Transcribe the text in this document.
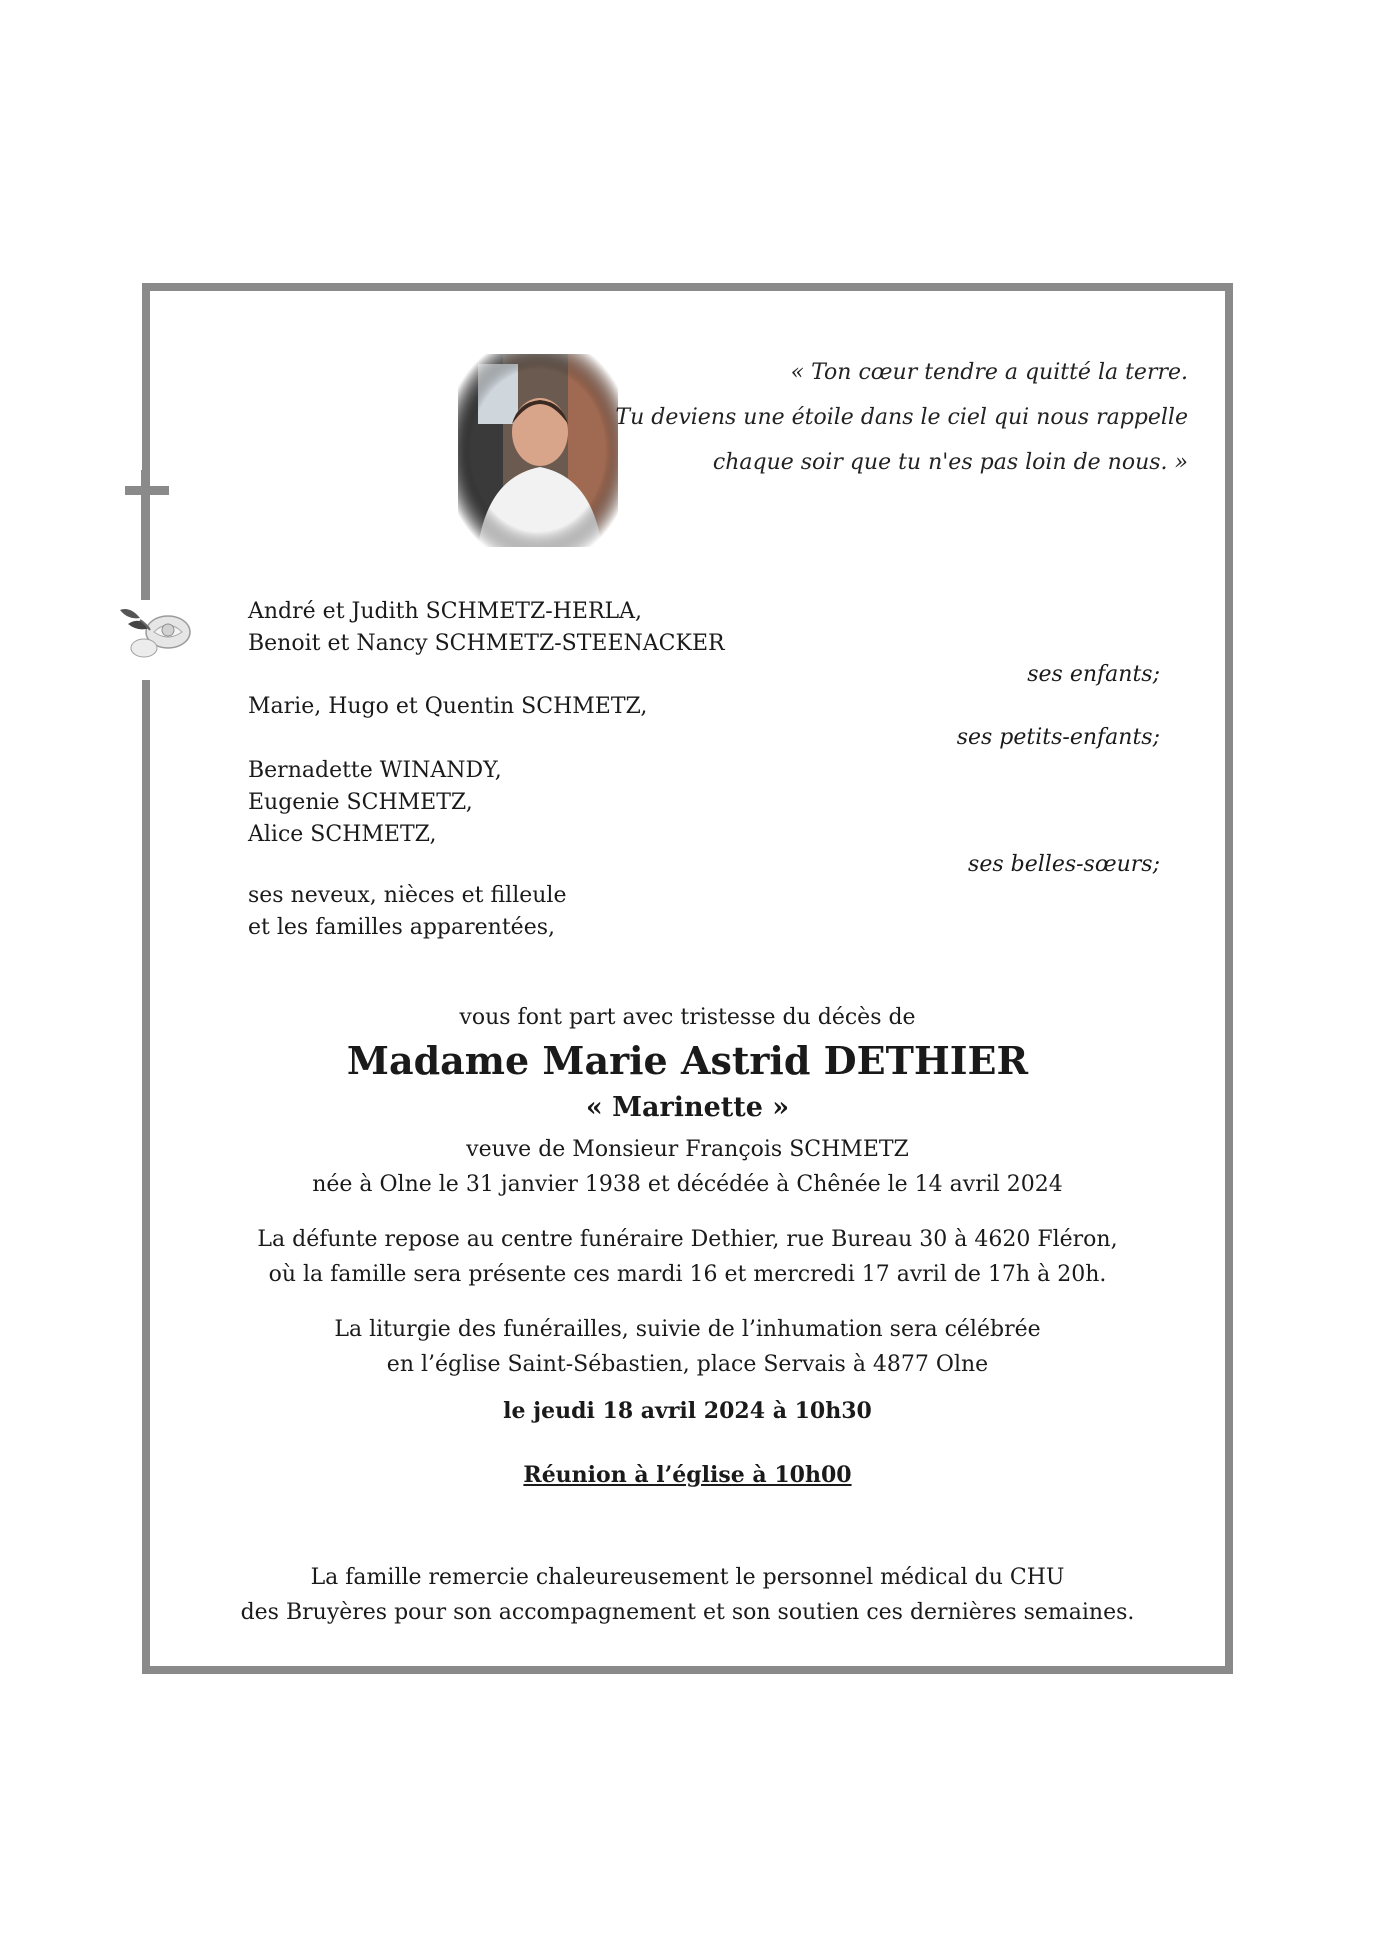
« Ton cœur tendre a quitté la terre.
Tu deviens une étoile dans le ciel qui nous rappelle
chaque soir que tu n'es pas loin de nous. »
André et Judith SCHMETZ-HERLA,
Benoit et Nancy SCHMETZ-STEENACKER
ses enfants;
Marie, Hugo et Quentin SCHMETZ,
ses petits-enfants;
Bernadette WINANDY,
Eugenie SCHMETZ,
Alice SCHMETZ,
ses belles-sœurs;
ses neveux, nièces et filleule
et les familles apparentées,
vous font part avec tristesse du décès de
Madame Marie Astrid DETHIER
« Marinette »
veuve de Monsieur François SCHMETZ
née à Olne le 31 janvier 1938 et décédée à Chênée le 14 avril 2024
La défunte repose au centre funéraire Dethier, rue Bureau 30 à 4620 Fléron,
où la famille sera présente ces mardi 16 et mercredi 17 avril de 17h à 20h.
La liturgie des funérailles, suivie de l’inhumation sera célébrée
en l’église Saint-Sébastien, place Servais à 4877 Olne
le jeudi 18 avril 2024 à 10h30
Réunion à l’église à 10h00
La famille remercie chaleureusement le personnel médical du CHU
des Bruyères pour son accompagnement et son soutien ces dernières semaines.
